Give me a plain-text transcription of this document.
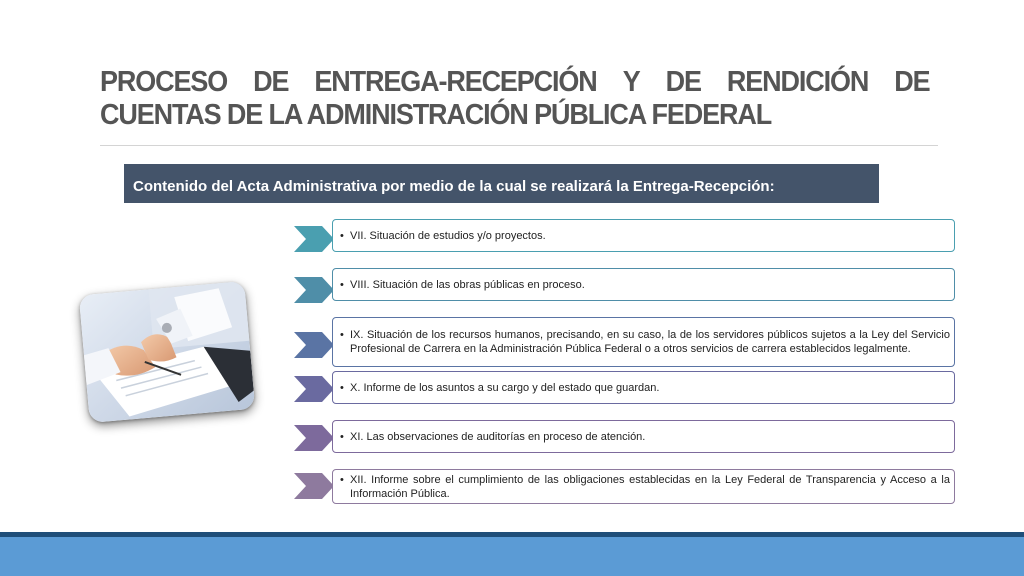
PROCESO DE ENTREGA-RECEPCIÓN Y DE RENDICIÓN DE
CUENTAS DE LA ADMINISTRACIÓN PÚBLICA FEDERAL
Contenido del Acta Administrativa por medio de la cual se realizará la Entrega-Recepción:
• VII. Situación de estudios y/o proyectos.
• VIII. Situación de las obras públicas en proceso.
• IX. Situación de los recursos humanos, precisando, en su caso, la de los servidores públicos sujetos a la Ley del Servicio Profesional de Carrera en la Administración Pública Federal o a otros servicios de carrera establecidos legalmente.
• X. Informe de los asuntos a su cargo y del estado que guardan.
• XI. Las observaciones de auditorías en proceso de atención.
• XII. Informe sobre el cumplimiento de las obligaciones establecidas en la Ley Federal de Transparencia y Acceso a la Información Pública.
